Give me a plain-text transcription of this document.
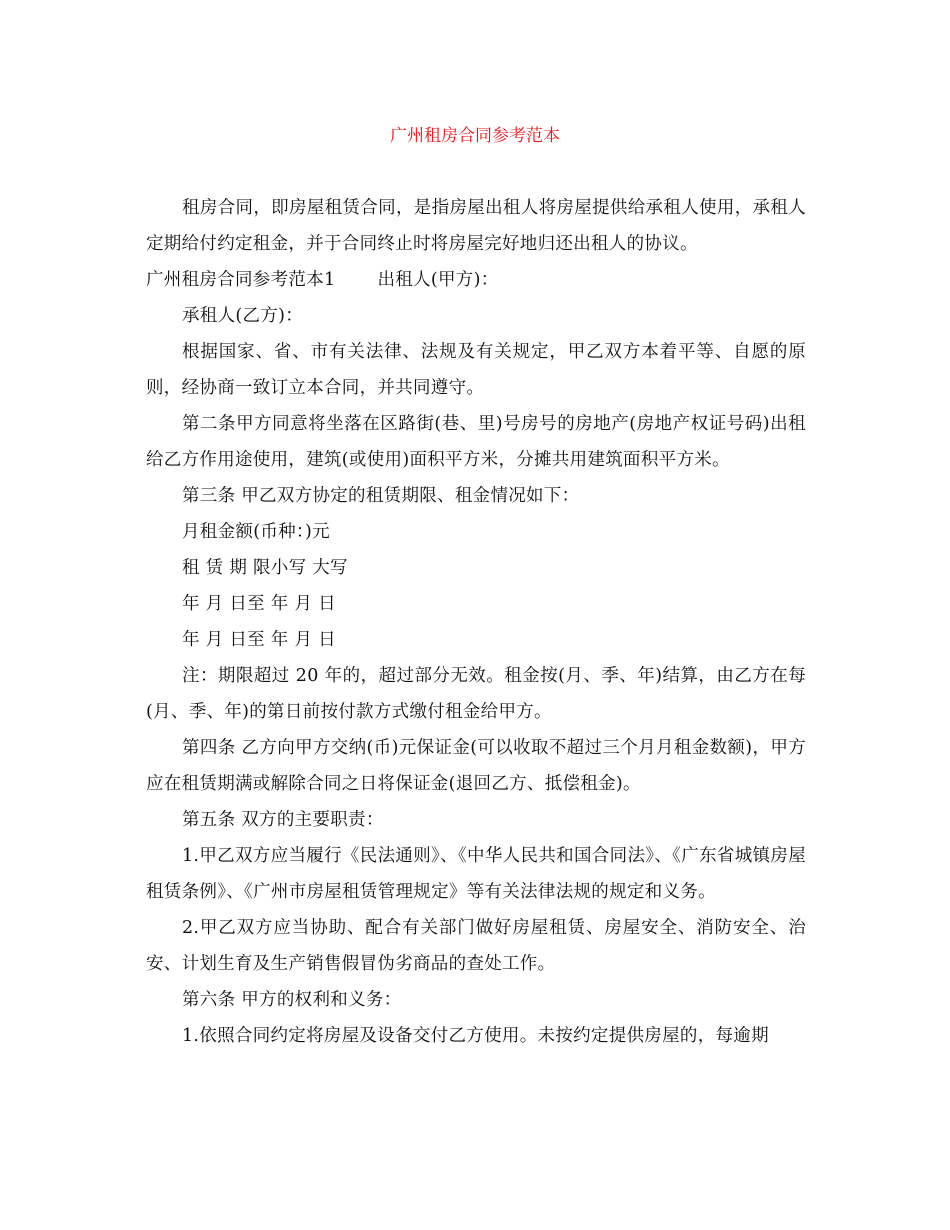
广州租房合同参考范本

租房合同，即房屋租赁合同，是指房屋出租人将房屋提供给承租人使用，承租人定期给付约定租金，并于合同终止时将房屋完好地归还出租人的协议。

广州租房合同参考范本1 出租人(甲方)：

承租人(乙方)：

根据国家、省、市有关法律、法规及有关规定，甲乙双方本着平等、自愿的原则，经协商一致订立本合同，并共同遵守。

第二条甲方同意将坐落在区路街(巷、里)号房号的房地产(房地产权证号码)出租给乙方作用途使用，建筑(或使用)面积平方米，分摊共用建筑面积平方米。

第三条 甲乙双方协定的租赁期限、租金情况如下：

月租金额(币种：)元

租 赁 期 限小写 大写

年 月 日至 年 月 日

年 月 日至 年 月 日

注：期限超过 20 年的，超过部分无效。租金按(月、季、年)结算，由乙方在每(月、季、年)的第日前按付款方式缴付租金给甲方。

第四条 乙方向甲方交纳(币)元保证金(可以收取不超过三个月月租金数额)，甲方应在租赁期满或解除合同之日将保证金(退回乙方、抵偿租金)。

第五条 双方的主要职责：

1.甲乙双方应当履行《民法通则》、《中华人民共和国合同法》、《广东省城镇房屋租赁条例》、《广州市房屋租赁管理规定》等有关法律法规的规定和义务。

2.甲乙双方应当协助、配合有关部门做好房屋租赁、房屋安全、消防安全、治安、计划生育及生产销售假冒伪劣商品的查处工作。

第六条 甲方的权利和义务：

1.依照合同约定将房屋及设备交付乙方使用。未按约定提供房屋的，每逾期
